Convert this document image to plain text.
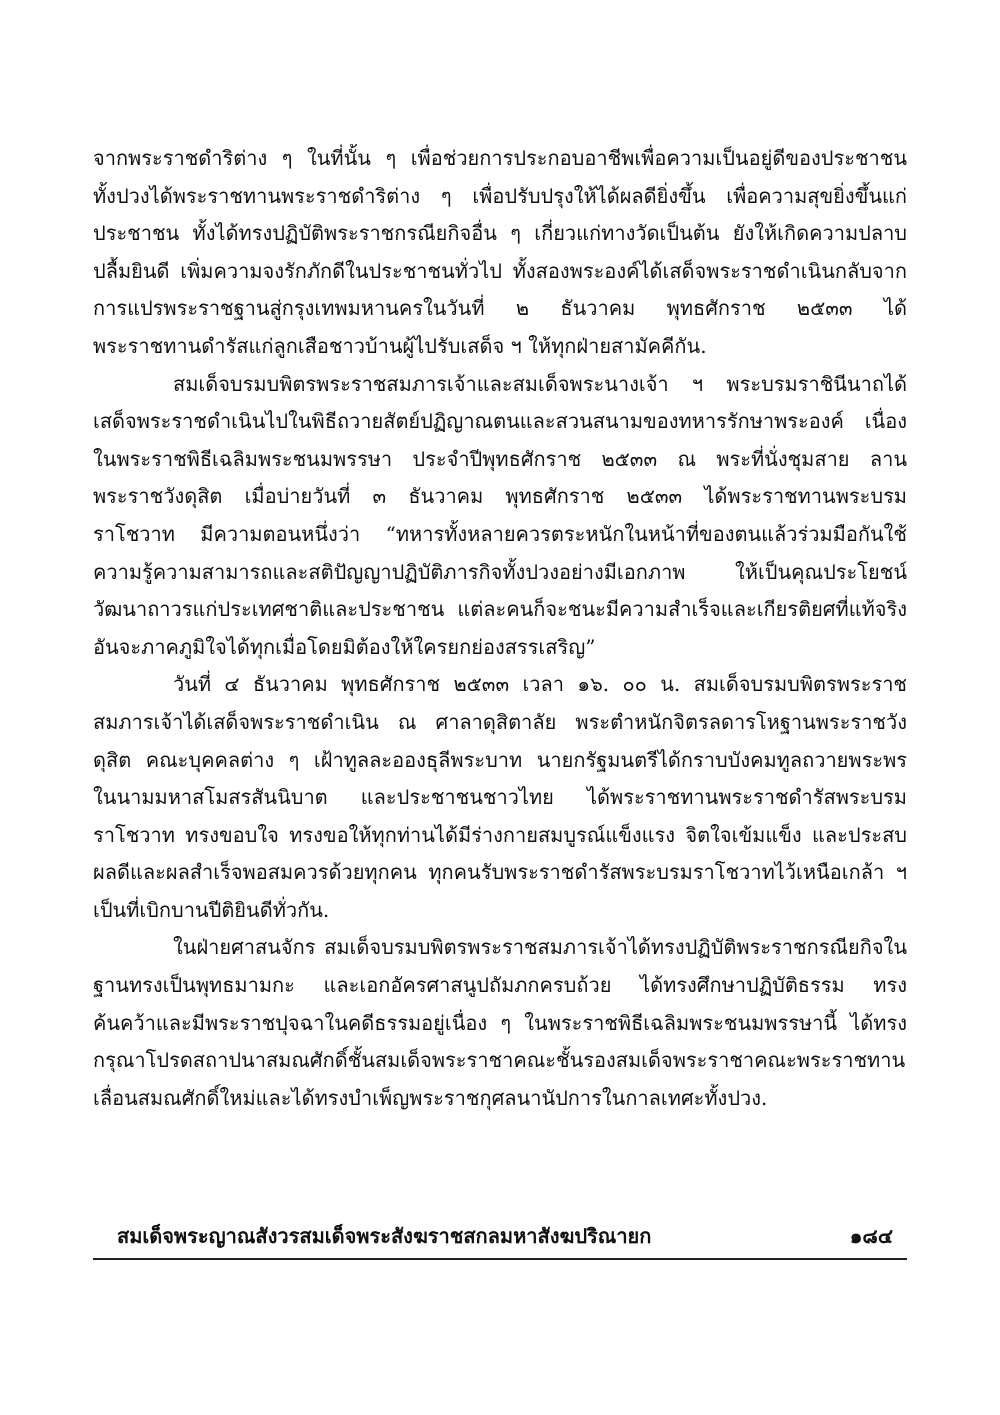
จากพระราชดำริต่าง ๆ ในที่นั้น ๆ เพื่อช่วยการประกอบอาชีพเพื่อความเป็นอยู่ดีของประชาชน
ทั้งปวงได้พระราชทานพระราชดำริต่าง ๆ เพื่อปรับปรุงให้ได้ผลดียิ่งขึ้น เพื่อความสุขยิ่งขึ้นแก่
ประชาชน ทั้งได้ทรงปฏิบัติพระราชกรณียกิจอื่น ๆ เกี่ยวแก่ทางวัดเป็นต้น ยังให้เกิดความปลาบ
ปลื้มยินดี เพิ่มความจงรักภักดีในประชาชนทั่วไป ทั้งสองพระองค์ได้เสด็จพระราชดำเนินกลับจาก
การแปรพระราชฐานสู่กรุงเทพมหานครในวันที่ ๒ ธันวาคม พุทธศักราช ๒๕๓๓ ได้
พระราชทานดำรัสแก่ลูกเสือชาวบ้านผู้ไปรับเสด็จ ฯ ให้ทุกฝ่ายสามัคคีกัน.

สมเด็จบรมบพิตรพระราชสมภารเจ้าและสมเด็จพระนางเจ้า ฯ พระบรมราชินีนาถได้
เสด็จพระราชดำเนินไปในพิธีถวายสัตย์ปฏิญาณตนและสวนสนามของทหารรักษาพระองค์ เนื่อง
ในพระราชพิธีเฉลิมพระชนมพรรษา ประจำปีพุทธศักราช ๒๕๓๓ ณ พระที่นั่งชุมสาย ลาน
พระราชวังดุสิต เมื่อบ่ายวันที่ ๓ ธันวาคม พุทธศักราช ๒๕๓๓ ได้พระราชทานพระบรม
ราโชวาท มีความตอนหนึ่งว่า “ทหารทั้งหลายควรตระหนักในหน้าที่ของตนแล้วร่วมมือกันใช้
ความรู้ความสามารถและสติปัญญาปฏิบัติภารกิจทั้งปวงอย่างมีเอกภาพ ให้เป็นคุณประโยชน์
วัฒนาถาวรแก่ประเทศชาติและประชาชน แต่ละคนก็จะชนะมีความสำเร็จและเกียรติยศที่แท้จริง
อันจะภาคภูมิใจได้ทุกเมื่อโดยมิต้องให้ใครยกย่องสรรเสริญ”

วันที่ ๔ ธันวาคม พุทธศักราช ๒๕๓๓ เวลา ๑๖. ๐๐ น. สมเด็จบรมบพิตรพระราช
สมภารเจ้าได้เสด็จพระราชดำเนิน ณ ศาลาดุสิตาลัย พระตำหนักจิตรลดารโหฐานพระราชวัง
ดุสิต คณะบุคคลต่าง ๆ เฝ้าทูลละอองธุลีพระบาท นายกรัฐมนตรีได้กราบบังคมทูลถวายพระพร
ในนามมหาสโมสรสันนิบาต และประชาชนชาวไทย ได้พระราชทานพระราชดำรัสพระบรม
ราโชวาท ทรงขอบใจ ทรงขอให้ทุกท่านได้มีร่างกายสมบูรณ์แข็งแรง จิตใจเข้มแข็ง และประสบ
ผลดีและผลสำเร็จพอสมควรด้วยทุกคน ทุกคนรับพระราชดำรัสพระบรมราโชวาทไว้เหนือเกล้า ฯ
เป็นที่เบิกบานปีติยินดีทั่วกัน.

ในฝ่ายศาสนจักร สมเด็จบรมบพิตรพระราชสมภารเจ้าได้ทรงปฏิบัติพระราชกรณียกิจใน
ฐานทรงเป็นพุทธมามกะ และเอกอัครศาสนูปถัมภกครบถ้วย ได้ทรงศึกษาปฏิบัติธรรม ทรง
ค้นคว้าและมีพระราชปุจฉาในคดีธรรมอยู่เนื่อง ๆ ในพระราชพิธีเฉลิมพระชนมพรรษานี้ ได้ทรง
กรุณาโปรดสถาปนาสมณศักดิ์ชั้นสมเด็จพระราชาคณะชั้นรองสมเด็จพระราชาคณะพระราชทาน
เลื่อนสมณศักดิ์ใหม่และได้ทรงบำเพ็ญพระราชกุศลนานัปการในกาลเทศะทั้งปวง.

สมเด็จพระญาณสังวรสมเด็จพระสังฆราชสกลมหาสังฆปริณายก	๑๘๔
